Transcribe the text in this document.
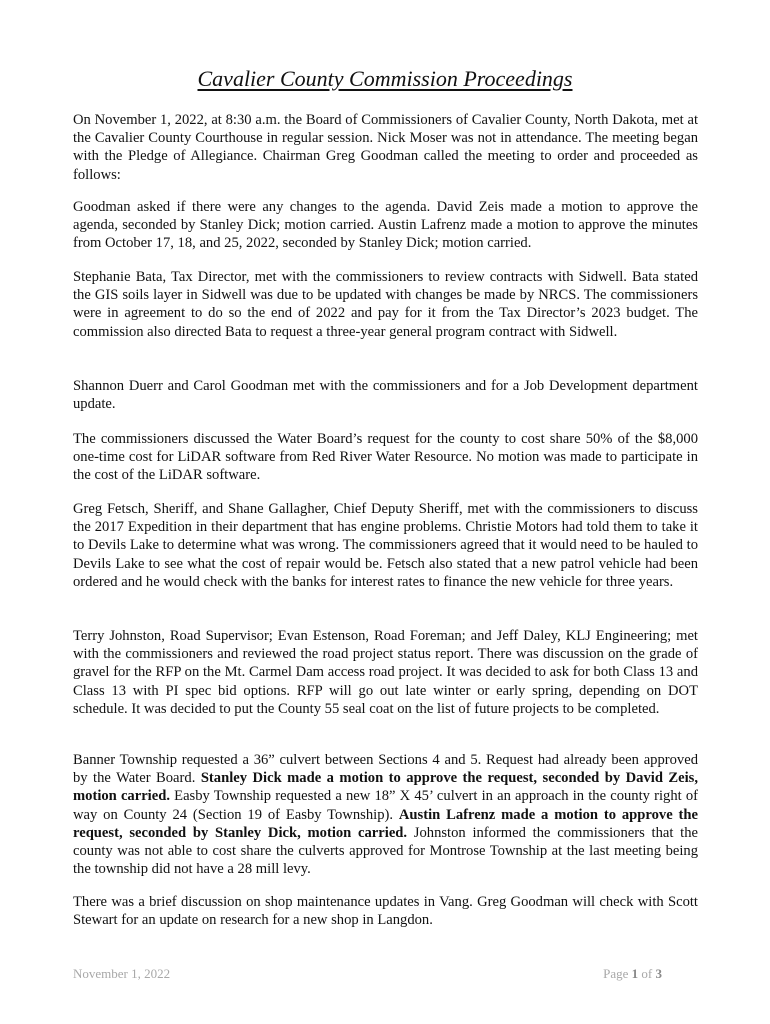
Cavalier County Commission Proceedings

On November 1, 2022, at 8:30 a.m. the Board of Commissioners of Cavalier County, North Dakota, met at the Cavalier County Courthouse in regular session. Nick Moser was not in attendance. The meeting began with the Pledge of Allegiance. Chairman Greg Goodman called the meeting to order and proceeded as follows:

Goodman asked if there were any changes to the agenda. David Zeis made a motion to approve the agenda, seconded by Stanley Dick; motion carried. Austin Lafrenz made a motion to approve the minutes from October 17, 18, and 25, 2022, seconded by Stanley Dick; motion carried.

Stephanie Bata, Tax Director, met with the commissioners to review contracts with Sidwell. Bata stated the GIS soils layer in Sidwell was due to be updated with changes be made by NRCS. The commissioners were in agreement to do so the end of 2022 and pay for it from the Tax Director’s 2023 budget. The commission also directed Bata to request a three-year general program contract with Sidwell.

Shannon Duerr and Carol Goodman met with the commissioners and for a Job Development department update.

The commissioners discussed the Water Board’s request for the county to cost share 50% of the $8,000 one-time cost for LiDAR software from Red River Water Resource. No motion was made to participate in the cost of the LiDAR software.

Greg Fetsch, Sheriff, and Shane Gallagher, Chief Deputy Sheriff, met with the commissioners to discuss the 2017 Expedition in their department that has engine problems. Christie Motors had told them to take it to Devils Lake to determine what was wrong. The commissioners agreed that it would need to be hauled to Devils Lake to see what the cost of repair would be. Fetsch also stated that a new patrol vehicle had been ordered and he would check with the banks for interest rates to finance the new vehicle for three years.

Terry Johnston, Road Supervisor; Evan Estenson, Road Foreman; and Jeff Daley, KLJ Engineering; met with the commissioners and reviewed the road project status report. There was discussion on the grade of gravel for the RFP on the Mt. Carmel Dam access road project. It was decided to ask for both Class 13 and Class 13 with PI spec bid options. RFP will go out late winter or early spring, depending on DOT schedule. It was decided to put the County 55 seal coat on the list of future projects to be completed.

Banner Township requested a 36” culvert between Sections 4 and 5. Request had already been approved by the Water Board. Stanley Dick made a motion to approve the request, seconded by David Zeis, motion carried. Easby Township requested a new 18” X 45’ culvert in an approach in the county right of way on County 24 (Section 19 of Easby Township). Austin Lafrenz made a motion to approve the request, seconded by Stanley Dick, motion carried. Johnston informed the commissioners that the county was not able to cost share the culverts approved for Montrose Township at the last meeting being the township did not have a 28 mill levy.

There was a brief discussion on shop maintenance updates in Vang. Greg Goodman will check with Scott Stewart for an update on research for a new shop in Langdon.

November 1, 2022	Page 1 of 3
